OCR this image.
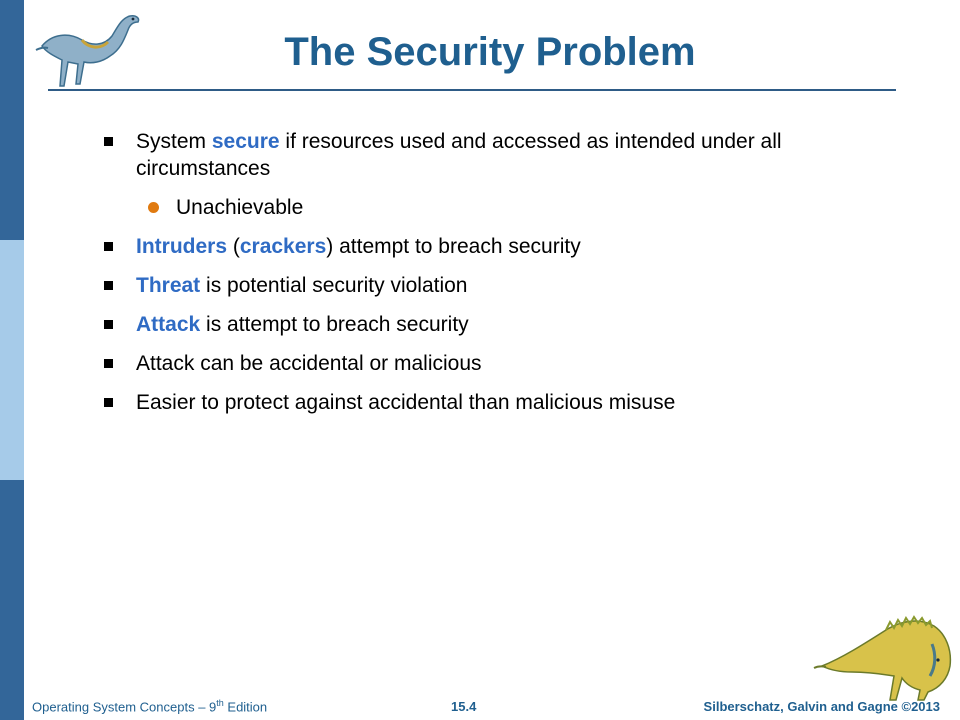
The Security Problem
System secure if resources used and accessed as intended under all circumstances
Unachievable
Intruders (crackers) attempt to breach security
Threat is potential security violation
Attack is attempt to breach security
Attack can be accidental or malicious
Easier to protect against accidental than malicious misuse
Operating System Concepts – 9th Edition	15.4	Silberschatz, Galvin and Gagne ©2013
